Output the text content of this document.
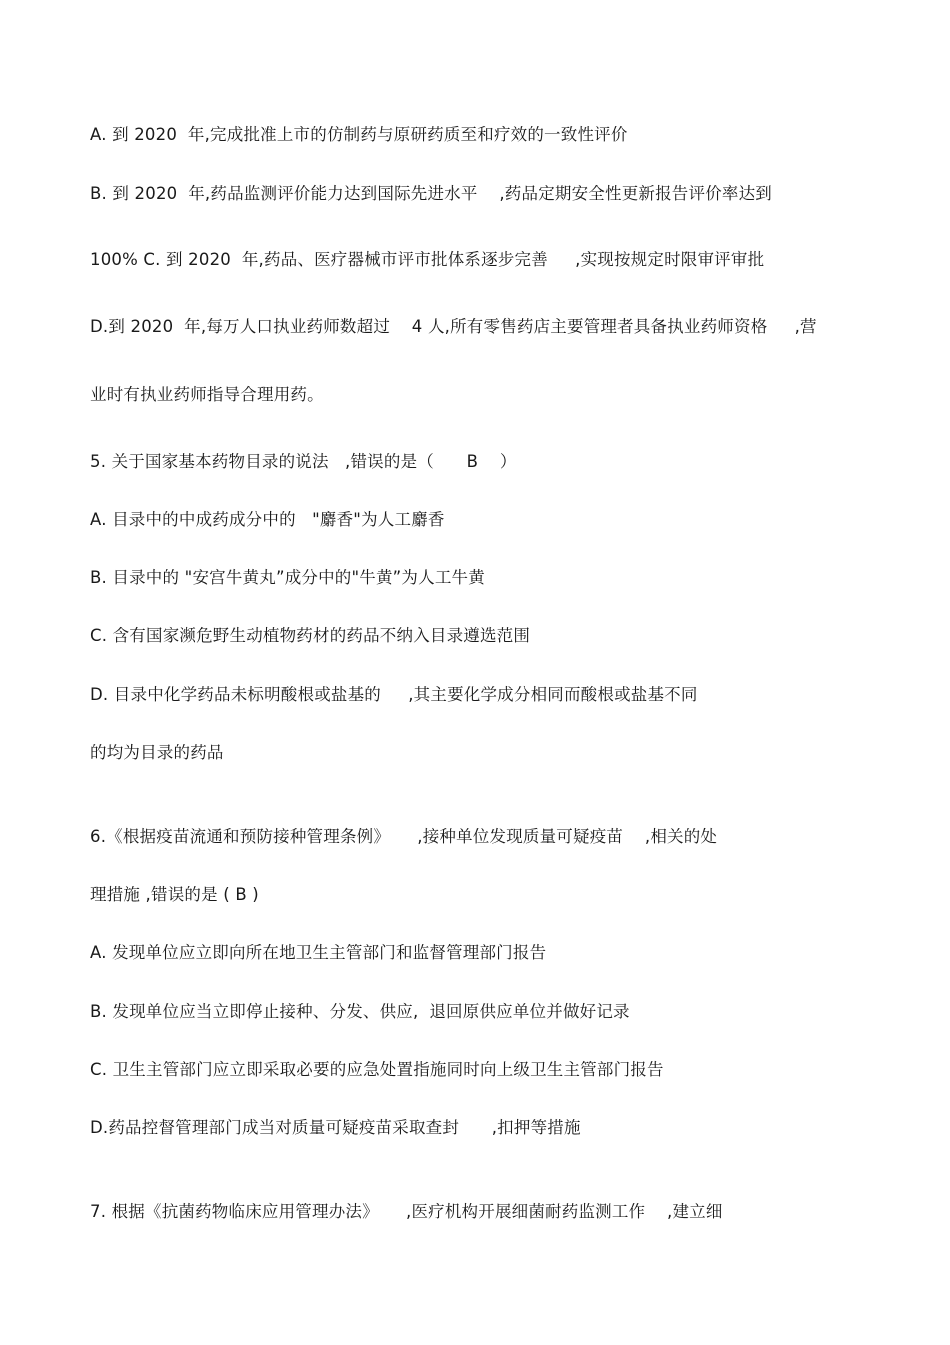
A. 到 2020  年,完成批准上市的仿制药与原研药质至和疗效的一致性评价
B. 到 2020  年,药品监测评价能力达到国际先进水平    ,药品定期安全性更新报告评价率达到
100% C. 到 2020  年,药品、医疗器械市评市批体系逐步完善     ,实现按规定时限审评审批
D.到 2020  年,每万人口执业药师数超过    4 人,所有零售药店主要管理者具备执业药师资格     ,营
业时有执业药师指导合理用药。
5. 关于国家基本药物目录的说法   ,错误的是（      B    ）
A. 目录中的中成药成分中的   "麝香"为人工麝香
B. 目录中的 "安宫牛黄丸”成分中的"牛黄”为人工牛黄
C. 含有国家濒危野生动植物药材的药品不纳入目录遵选范围
D. 目录中化学药品未标明酸根或盐基的     ,其主要化学成分相同而酸根或盐基不同
的均为目录的药品
6.《根据疫苗流通和预防接种管理条例》     ,接种单位发现质量可疑疫苗    ,相关的处
理措施 ,错误的是 ( B )
A. 发现单位应立即向所在地卫生主管部门和监督管理部门报告
B. 发现单位应当立即停止接种、分发、供应,  退回原供应单位并做好记录
C. 卫生主管部门应立即采取必要的应急处置指施同时向上级卫生主管部门报告
D.药品控督管理部门成当对质量可疑疫苗采取查封      ,扣押等措施
7. 根据《抗菌药物临床应用管理办法》     ,医疗机构开展细菌耐药监测工作    ,建立细
